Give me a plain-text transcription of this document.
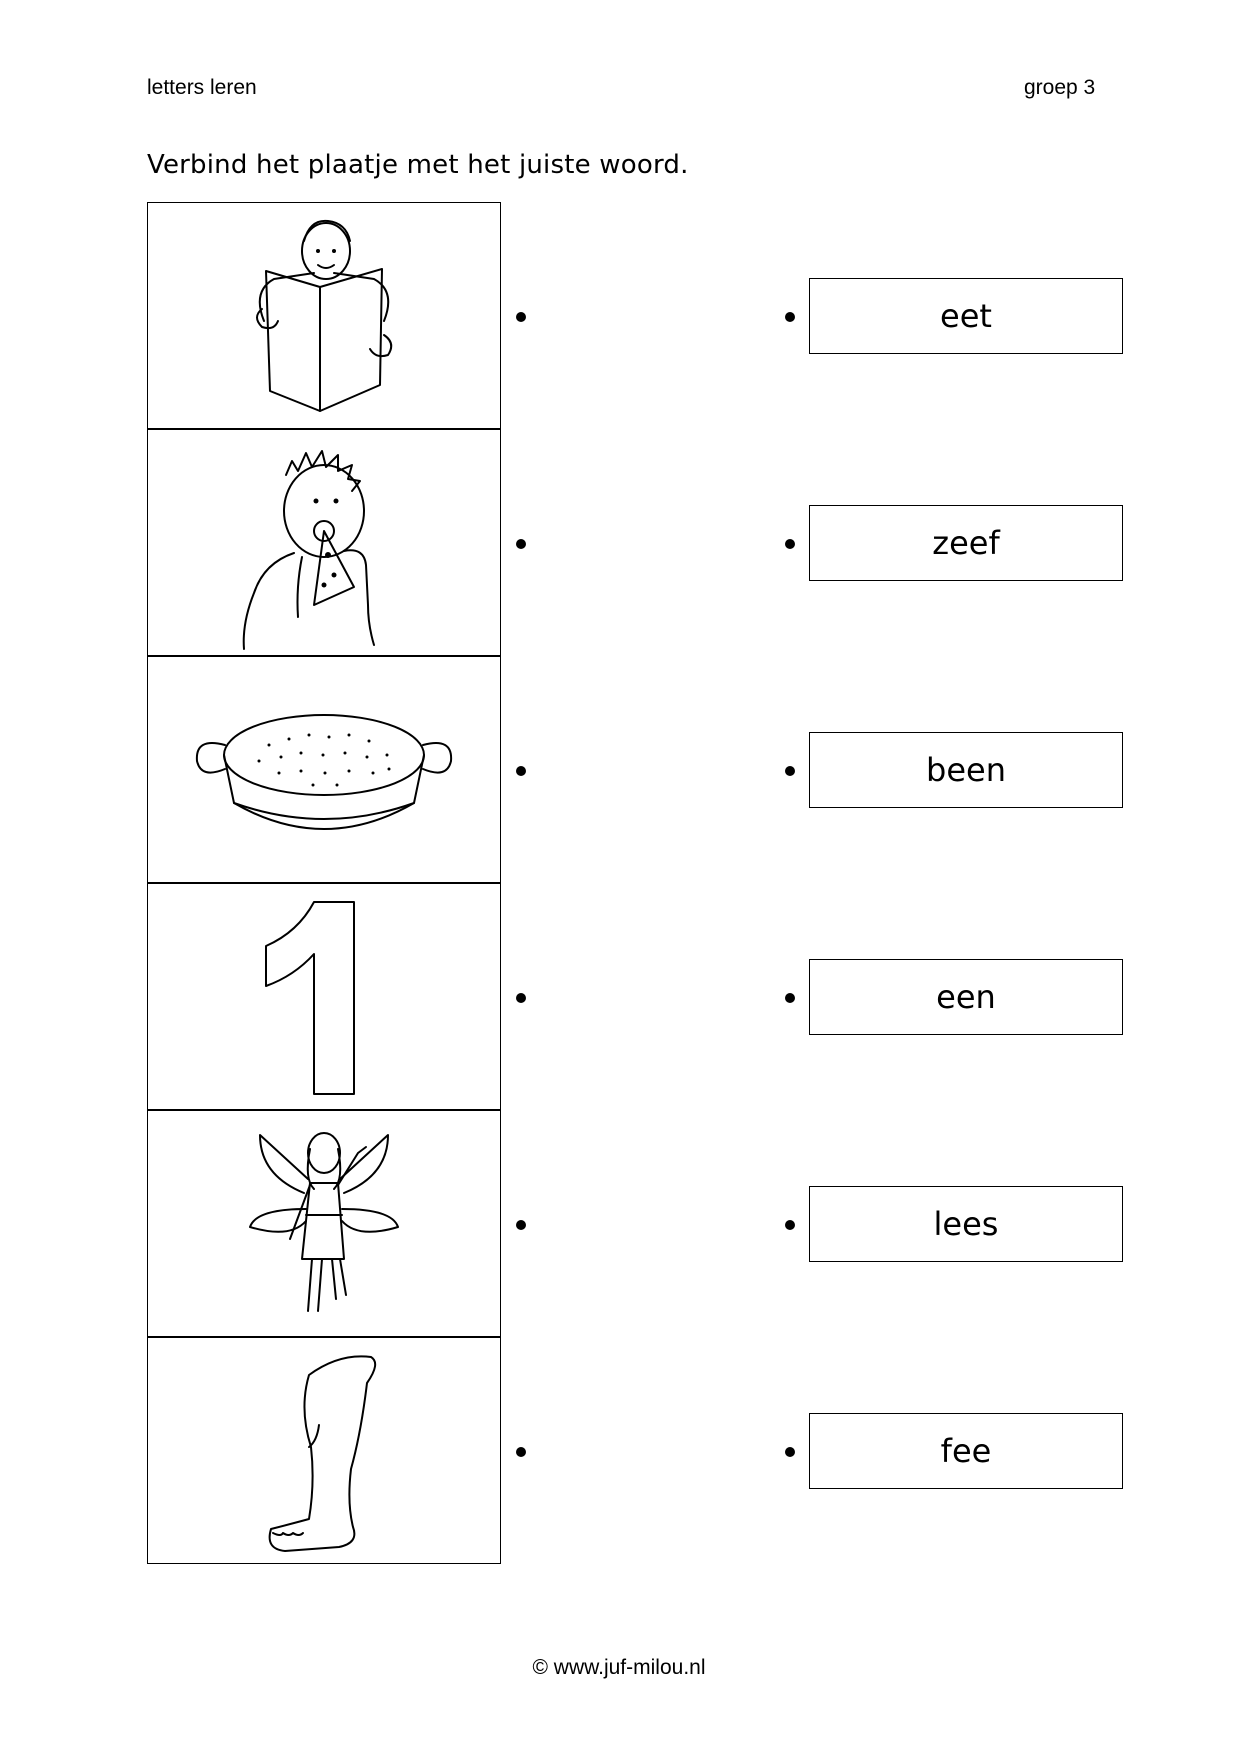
letters leren	groep 3
Verbind het plaatje met het juiste woord.
eet
zeef
been
een
lees
fee
© www.juf-milou.nl
